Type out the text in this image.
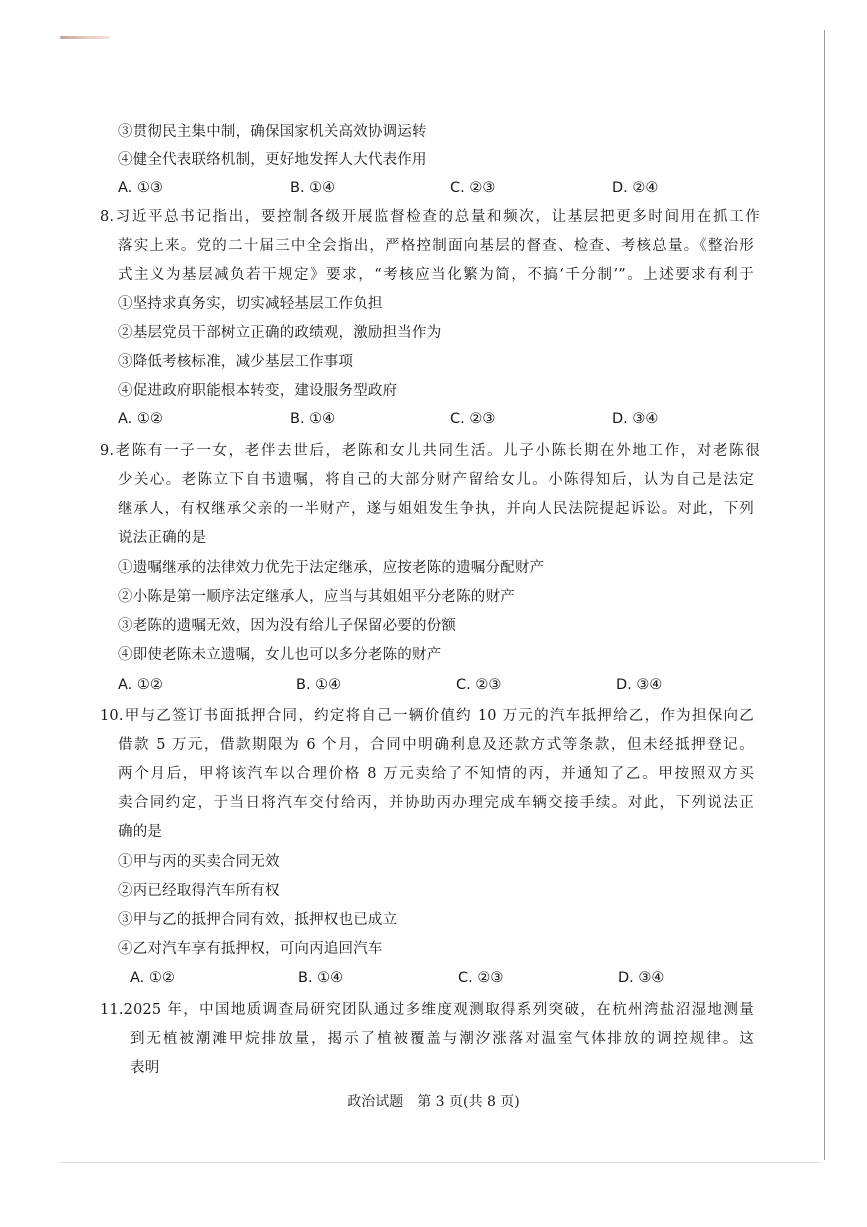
③贯彻民主集中制，确保国家机关高效协调运转
④健全代表联络机制，更好地发挥人大代表作用
A. ①③	B. ①④	C. ②③	D. ②④
8.习近平总书记指出，要控制各级开展监督检查的总量和频次，让基层把更多时间用在抓工作
落实上来。党的二十届三中全会指出，严格控制面向基层的督查、检查、考核总量。《整治形
式主义为基层减负若干规定》要求，“考核应当化繁为简，不搞‘千分制’”。上述要求有利于
①坚持求真务实，切实减轻基层工作负担
②基层党员干部树立正确的政绩观，激励担当作为
③降低考核标准，减少基层工作事项
④促进政府职能根本转变，建设服务型政府
A. ①②	B. ①④	C. ②③	D. ③④
9.老陈有一子一女，老伴去世后，老陈和女儿共同生活。儿子小陈长期在外地工作，对老陈很
少关心。老陈立下自书遗嘱，将自己的大部分财产留给女儿。小陈得知后，认为自己是法定
继承人，有权继承父亲的一半财产，遂与姐姐发生争执，并向人民法院提起诉讼。对此，下列
说法正确的是
①遗嘱继承的法律效力优先于法定继承，应按老陈的遗嘱分配财产
②小陈是第一顺序法定继承人，应当与其姐姐平分老陈的财产
③老陈的遗嘱无效，因为没有给儿子保留必要的份额
④即使老陈未立遗嘱，女儿也可以多分老陈的财产
A. ①②	B. ①④	C. ②③	D. ③④
10.甲与乙签订书面抵押合同，约定将自己一辆价值约 10 万元的汽车抵押给乙，作为担保向乙
借款 5 万元，借款期限为 6 个月，合同中明确利息及还款方式等条款，但未经抵押登记。
两个月后，甲将该汽车以合理价格 8 万元卖给了不知情的丙，并通知了乙。甲按照双方买
卖合同约定，于当日将汽车交付给丙，并协助丙办理完成车辆交接手续。对此，下列说法正
确的是
①甲与丙的买卖合同无效
②丙已经取得汽车所有权
③甲与乙的抵押合同有效，抵押权也已成立
④乙对汽车享有抵押权，可向丙追回汽车
A. ①②	B. ①④	C. ②③	D. ③④
11.2025 年，中国地质调查局研究团队通过多维度观测取得系列突破，在杭州湾盐沼湿地测量
到无植被潮滩甲烷排放量，揭示了植被覆盖与潮汐涨落对温室气体排放的调控规律。这
表明
政治试题　第 3 页(共 8 页)
